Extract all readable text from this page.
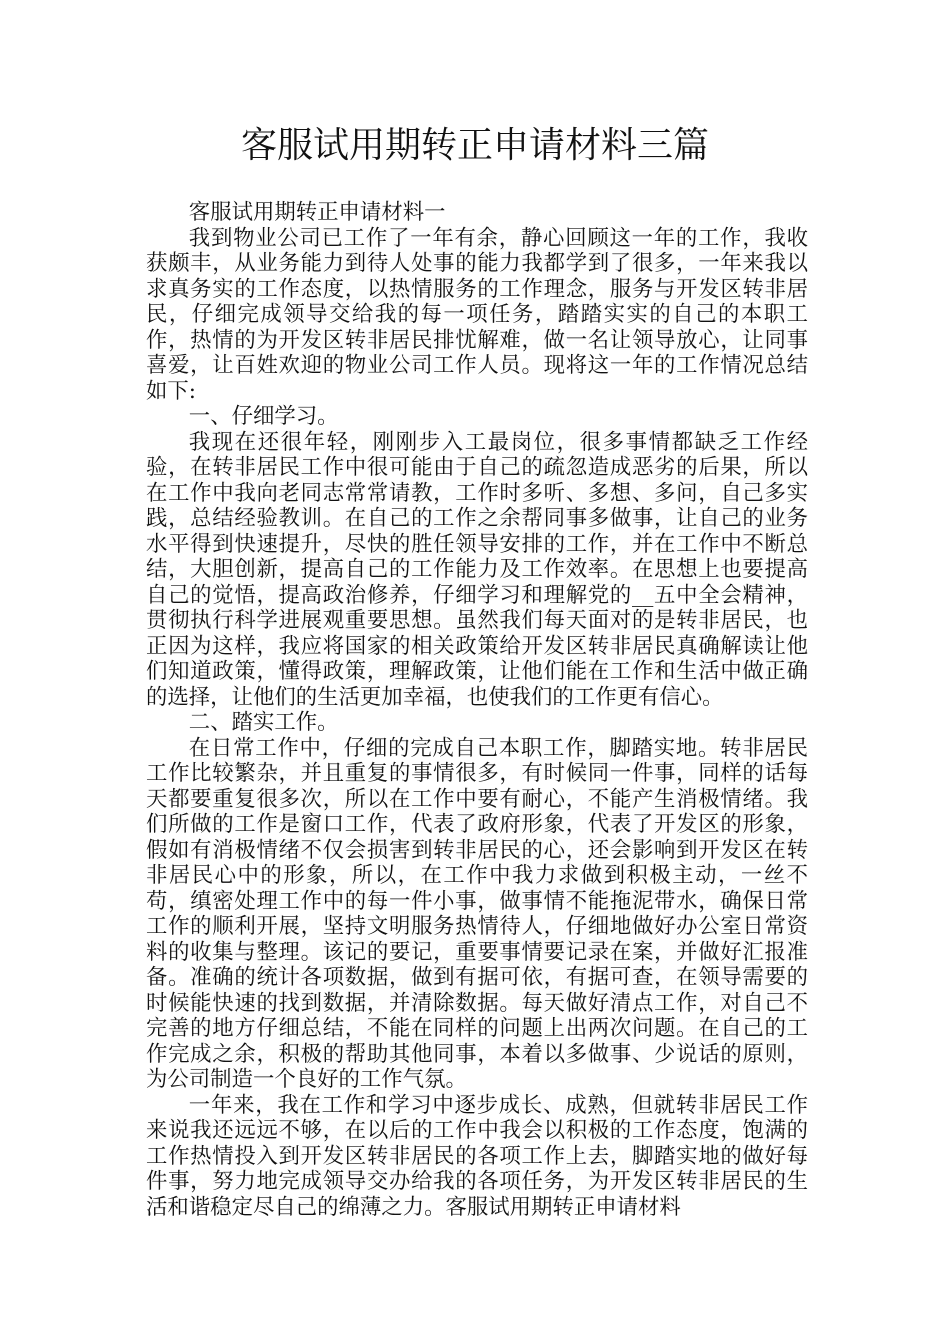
客服试用期转正申请材料三篇

客服试用期转正申请材料一

我到物业公司已工作了一年有余，静心回顾这一年的工作，我收获颇丰，从业务能力到待人处事的能力我都学到了很多，一年来我以求真务实的工作态度，以热情服务的工作理念，服务与开发区转非居民，仔细完成领导交给我的每一项任务，踏踏实实的自己的本职工作，热情的为开发区转非居民排忧解难，做一名让领导放心，让同事喜爱，让百姓欢迎的物业公司工作人员。现将这一年的工作情况总结如下:

一、仔细学习。

我现在还很年轻，刚刚步入工最岗位，很多事情都缺乏工作经验，在转非居民工作中很可能由于自己的疏忽造成恶劣的后果，所以在工作中我向老同志常常请教，工作时多听、多想、多问，自己多实践，总结经验教训。在自己的工作之余帮同事多做事，让自己的业务水平得到快速提升，尽快的胜任领导安排的工作，并在工作中不断总结，大胆创新，提高自己的工作能力及工作效率。在思想上也要提高自己的觉悟，提高政治修养，仔细学习和理解党的__五中全会精神，贯彻执行科学进展观重要思想。虽然我们每天面对的是转非居民，也正因为这样，我应将国家的相关政策给开发区转非居民真确解读让他们知道政策，懂得政策，理解政策，让他们能在工作和生活中做正确的选择，让他们的生活更加幸福，也使我们的工作更有信心。

二、踏实工作。

在日常工作中，仔细的完成自己本职工作，脚踏实地。转非居民工作比较繁杂，并且重复的事情很多，有时候同一件事，同样的话每天都要重复很多次，所以在工作中要有耐心，不能产生消极情绪。我们所做的工作是窗口工作，代表了政府形象，代表了开发区的形象，假如有消极情绪不仅会损害到转非居民的心，还会影响到开发区在转非居民心中的形象，所以，在工作中我力求做到积极主动，一丝不苟，缜密处理工作中的每一件小事，做事情不能拖泥带水，确保日常工作的顺利开展，坚持文明服务热情待人，仔细地做好办公室日常资料的收集与整理。该记的要记，重要事情要记录在案，并做好汇报准备。准确的统计各项数据，做到有据可依，有据可查，在领导需要的时候能快速的找到数据，并清除数据。每天做好清点工作，对自己不完善的地方仔细总结，不能在同样的问题上出两次问题。在自己的工作完成之余，积极的帮助其他同事，本着以多做事、少说话的原则，为公司制造一个良好的工作气氛。

一年来，我在工作和学习中逐步成长、成熟，但就转非居民工作来说我还远远不够，在以后的工作中我会以积极的工作态度，饱满的工作热情投入到开发区转非居民的各项工作上去，脚踏实地的做好每件事，努力地完成领导交办给我的各项任务，为开发区转非居民的生活和谐稳定尽自己的绵薄之力。客服试用期转正申请材料
